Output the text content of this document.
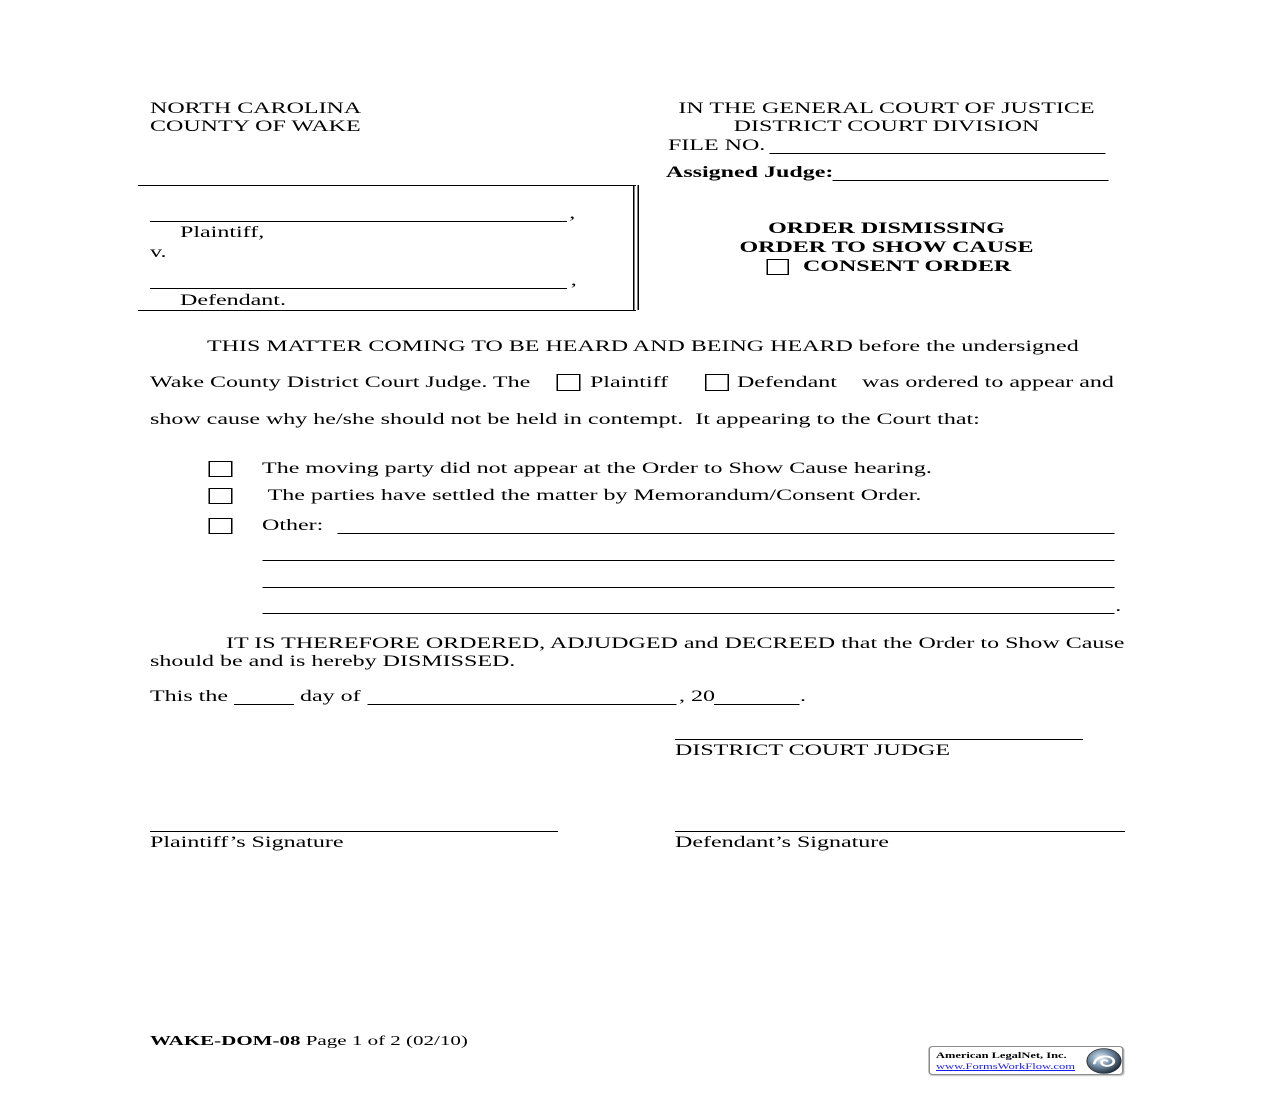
NORTH CAROLINA
COUNTY OF WAKE
IN THE GENERAL COURT OF JUSTICE
DISTRICT COURT DIVISION
FILE NO.
Assigned Judge:
,
Plaintiff,
v.
,
Defendant.
ORDER DISMISSING
ORDER TO SHOW CAUSE
CONSENT ORDER
THIS MATTER COMING TO BE HEARD AND BEING HEARD before the undersigned
Wake County District Court Judge. The	Plaintiff	Defendant was ordered to appear and
show cause why he/she should not be held in contempt.  It appearing to the Court that:
The moving party did not appear at the Order to Show Cause hearing.
The parties have settled the matter by Memorandum/Consent Order.
Other:
.
IT IS THEREFORE ORDERED, ADJUDGED and DECREED that the Order to Show Cause
should be and is hereby DISMISSED.
This the	day of	, 20	.
DISTRICT COURT JUDGE
Plaintiff’s Signature	Defendant’s Signature
WAKE-DOM-08 Page 1 of 2 (02/10)
American LegalNet, Inc.
www.FormsWorkFlow.com
